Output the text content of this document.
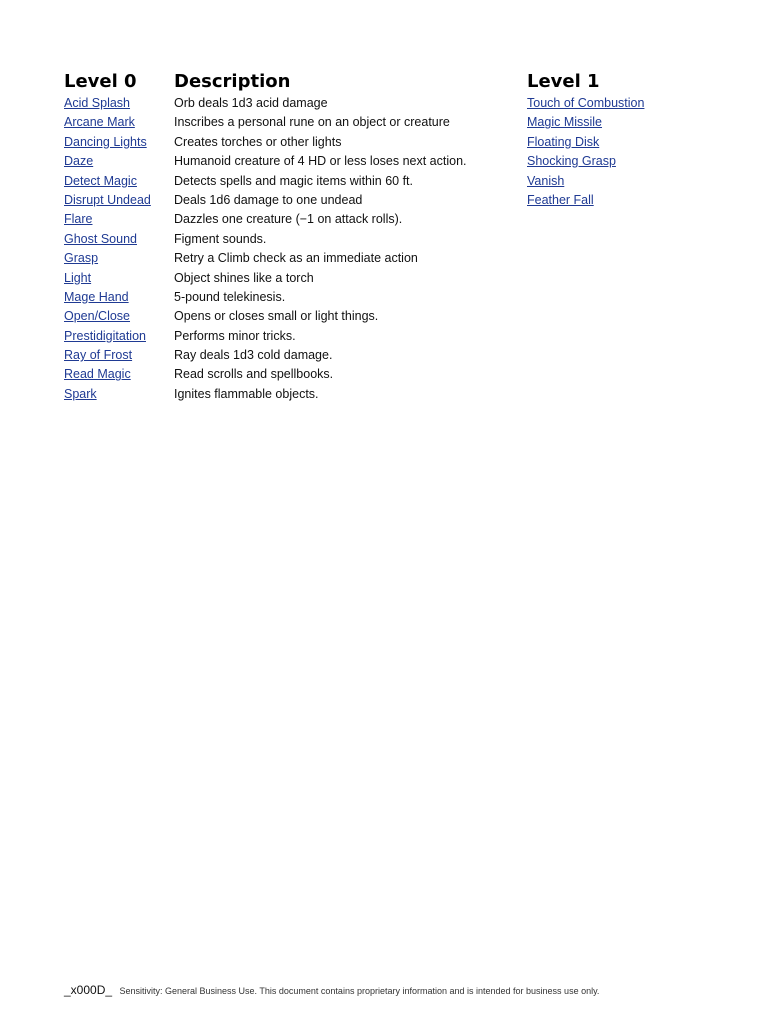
Level 0
Acid Splash
Arcane Mark
Dancing Lights
Daze
Detect Magic
Disrupt Undead
Flare
Ghost Sound
Grasp
Light
Mage Hand
Open/Close
Prestidigitation
Ray of Frost
Read Magic
Spark
Description
Orb deals 1d3 acid damage
Inscribes a personal rune on an object or creature
Creates torches or other lights
Humanoid creature of 4 HD or less loses next action.
Detects spells and magic items within 60 ft.
Deals 1d6 damage to one undead
Dazzles one creature (−1 on attack rolls).
Figment sounds.
Retry a Climb check as an immediate action
Object shines like a torch
5-pound telekinesis.
Opens or closes small or light things.
Performs minor tricks.
Ray deals 1d3 cold damage.
Read scrolls and spellbooks.
Ignites flammable objects.
Level 1
Touch of Combustion
Magic Missile
Floating Disk
Shocking Grasp
Vanish
Feather Fall
_x000D_ Sensitivity: General Business Use. This document contains proprietary information and is intended for business use only.
